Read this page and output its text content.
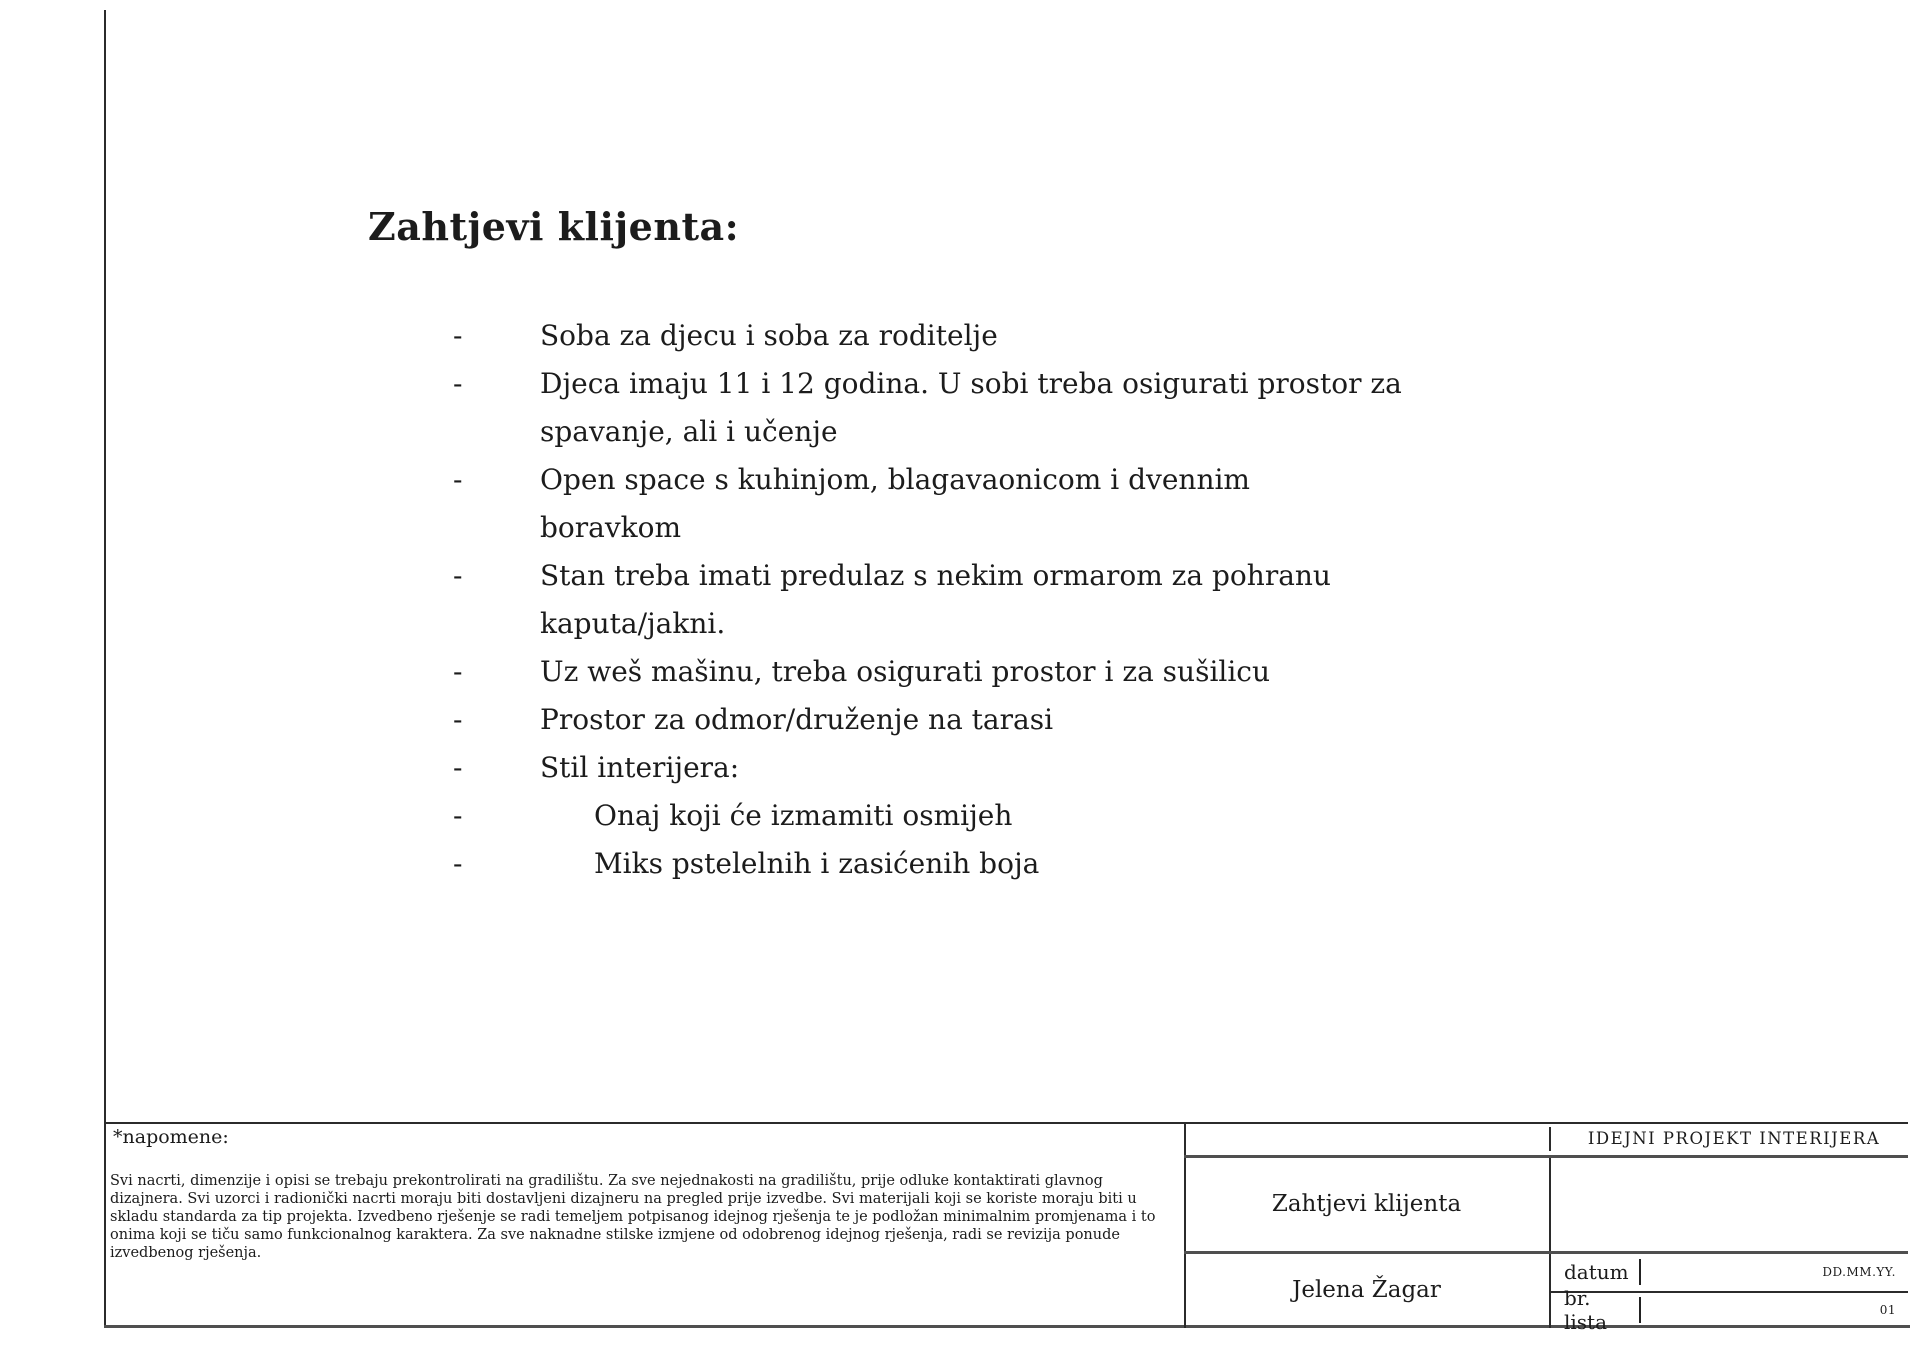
Zahtjevi klijenta:
-	Soba za djecu i soba za roditelje
-	Djeca imaju 11 i 12 godina. U sobi treba osigurati prostor za
spavanje, ali i učenje
-	Open space s kuhinjom, blagavaonicom i dvennim
boravkom
-	Stan treba imati predulaz s nekim ormarom za pohranu
kaputa/jakni.
-	Uz weš mašinu, treba osigurati prostor i za sušilicu
-	Prostor za odmor/druženje na tarasi
-	Stil interijera:
-	Onaj koji će izmamiti osmijeh
-	Miks pstelelnih i zasićenih boja
*napomene:
Svi nacrti, dimenzije i opisi se trebaju prekontrolirati na gradilištu. Za sve nejednakosti na gradilištu, prije odluke kontaktirati glavnog dizajnera. Svi uzorci i radionički nacrti moraju biti dostavljeni dizajneru na pregled prije izvedbe. Svi materijali koji se koriste moraju biti u skladu standarda za tip projekta. Izvedbeno rješenje se radi temeljem potpisanog idejnog rješenja te je podložan minimalnim promjenama i to onima koji se tiču samo funkcionalnog karaktera. Za sve naknadne stilske izmjene od odobrenog idejnog rješenja, radi se revizija ponude izvedbenog rješenja.
Zahtjevi klijenta
Jelena Žagar
IDEJNI PROJEKT INTERIJERA
datum	DD.MM.YY.
br. lista	01
